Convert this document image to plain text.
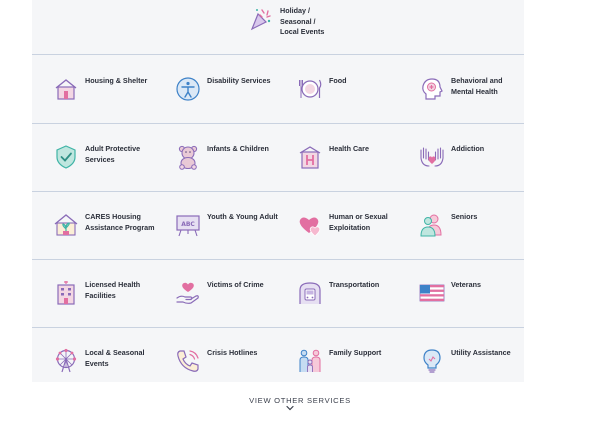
Holiday /
Seasonal /
Local Events
Housing & Shelter	Disability Services	Food	Behavioral and
Mental Health
Adult Protective
Services
Infants & Children	Health Care	Addiction
CARES Housing
Assistance Program	ABC
Youth & Young Adult	Human or Sexual
Exploitation
Seniors
Licensed Health
Facilities
Victims of Crime	Transportation	Veterans
Local & Seasonal
Events
Crisis Hotlines	Family Support	Utility Assistance
VIEW OTHER SERVICES
